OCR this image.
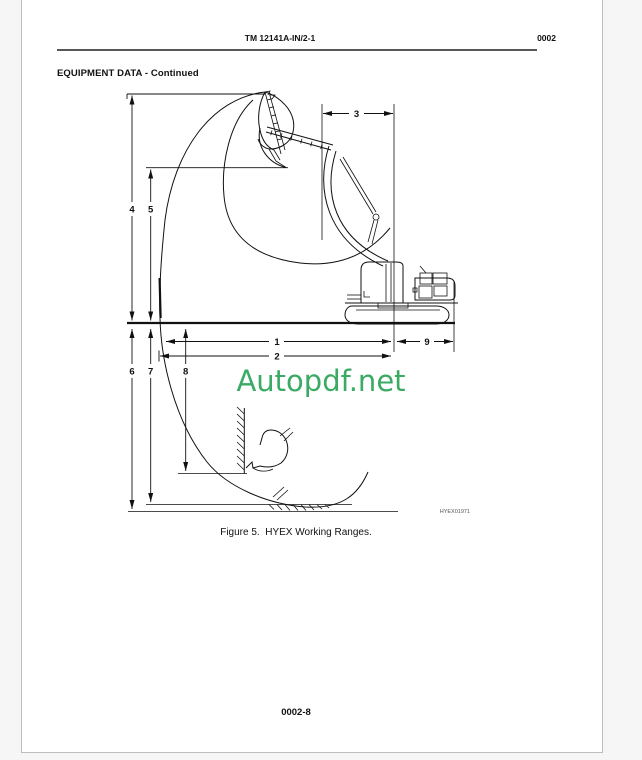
TM 12141A-IN/2-1	0002
EQUIPMENT DATA - Continued
1
2
3
4 5
6 7	8
9
HYEX01971
Autopdf.net
Figure 5.  HYEX Working Ranges.
0002-8
